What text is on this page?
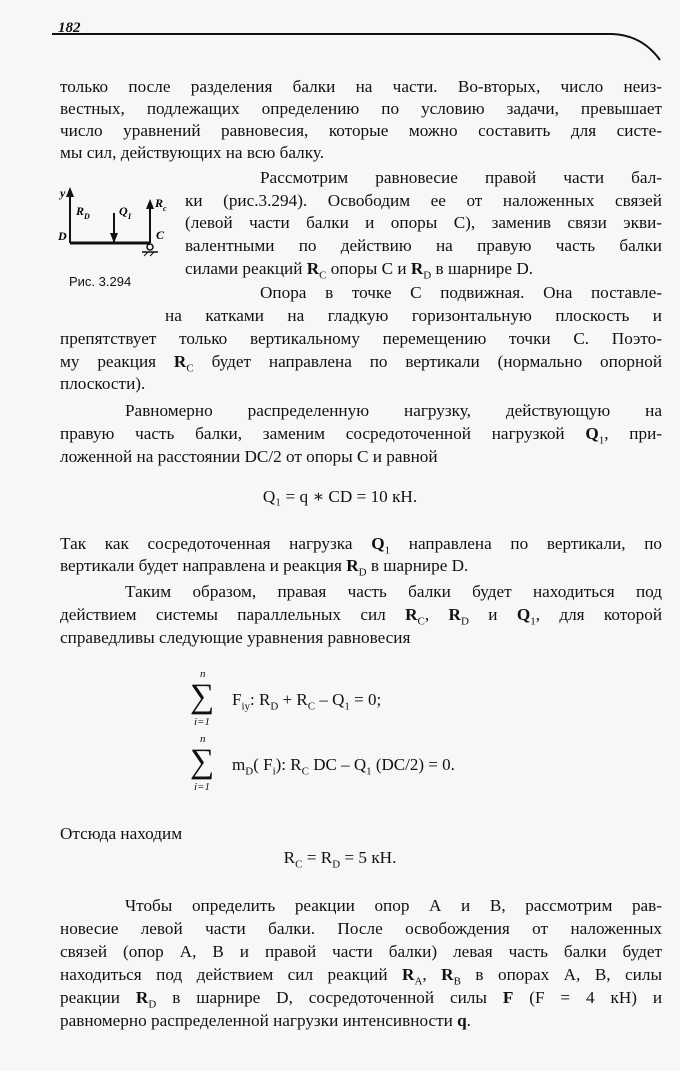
182
только после разделения балки на части. Во-вторых, число неиз-
вестных, подлежащих определению по условию задачи, превышает
число уравнений равновесия, которые можно составить для систе-
мы сил, действующих на всю балку.
y
R D Q I
R c
D	C
Рис. 3.294
Рассмотрим равновесие правой части бал-
ки (рис.3.294). Освободим ее от наложенных связей
(левой части балки и опоры С), заменив связи экви-
валентными по действию на правую часть балки
силами реакций $R_C$ опоры С и $R_D$ в шарнире D.
Опора в точке С подвижная. Она поставле-
на катками на гладкую горизонтальную плоскость и
препятствует только вертикальному перемещению точки С. Поэто-
му реакция $R_C$ будет направлена по вертикали (нормально опорной
плоскости).
Равномерно распределенную нагрузку, действующую на
правую часть балки, заменим сосредоточенной нагрузкой $Q_1$, при-
ложенной на расстоянии DC/2 от опоры С и равной
Q₁ = q ∗ CD = 10 кН.
Так как сосредоточенная нагрузка $Q_1$ направлена по вертикали, по
вертикали будет направлена и реакция $R_D$ в шарнире D.
Таким образом, правая часть балки будет находиться под
действием системы параллельных сил $R_C$, $R_D$ и $Q_1$, для которой
справедливы следующие уравнения равновесия
n
∑
i=1
$F_{iy}$: $R_D + R_C - Q_1 = 0$;
n
∑
i=1
$m_D$( $F_i$): $R_C$ DC – $Q_1$ (DC/2) = 0.
Отсюда находим
$R_C = R_D = 5$ кН.
Чтобы определить реакции опор А и В, рассмотрим рав-
новесие левой части балки. После освобождения от наложенных
связей (опор А, В и правой части балки) левая часть балки будет
находиться под действием сил реакций $R_A$, $R_B$ в опорах А, В, силы
реакции $R_D$ в шарнире D, сосредоточенной силы F (F = 4 кН) и
равномерно распределенной нагрузки интенсивности q.
